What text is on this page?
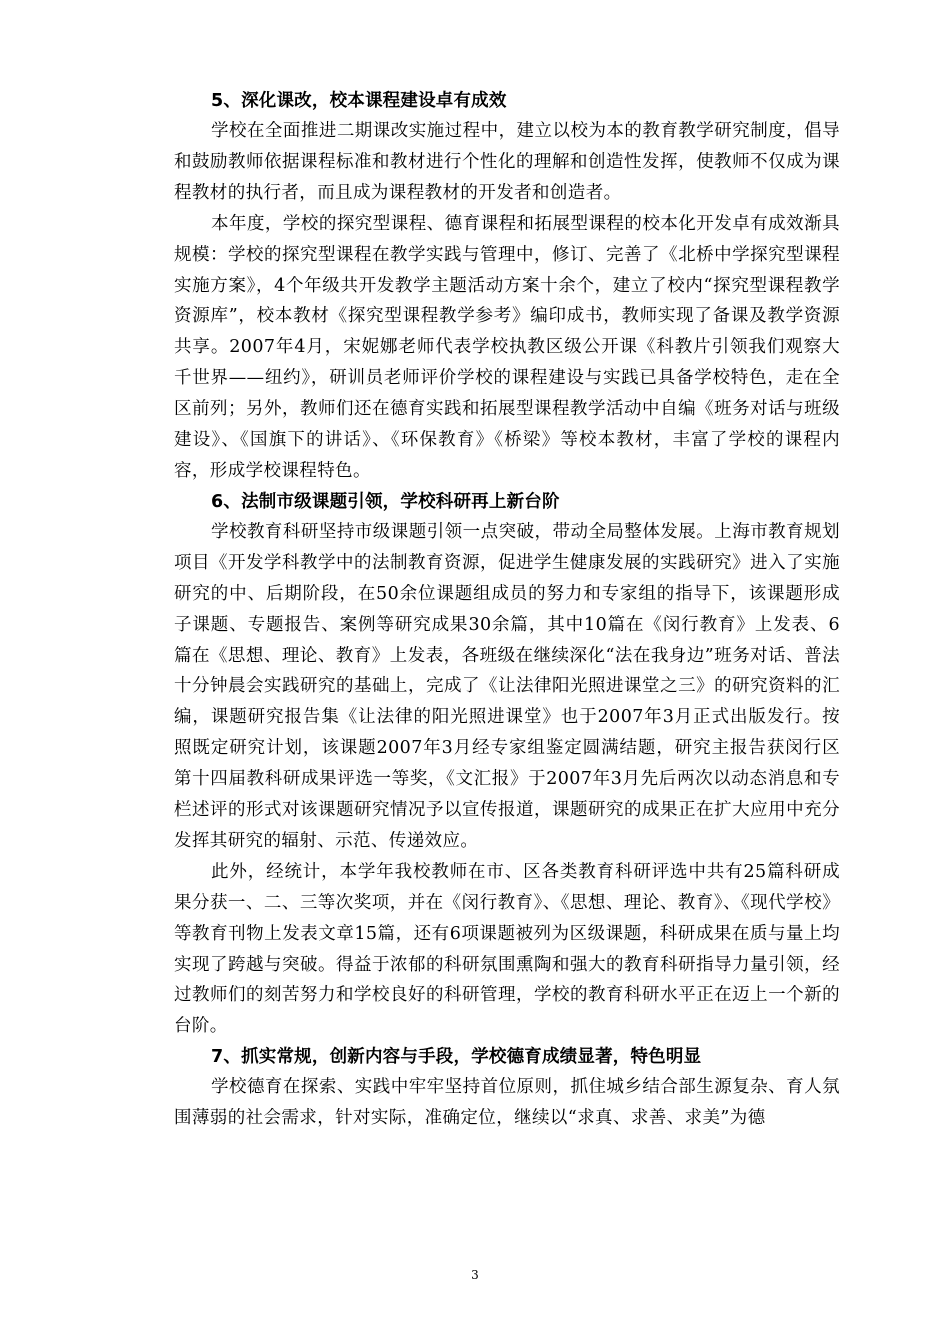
5、深化课改，校本课程建设卓有成效

学校在全面推进二期课改实施过程中，建立以校为本的教育教学研究制度，倡导和鼓励教师依据课程标准和教材进行个性化的理解和创造性发挥，使教师不仅成为课程教材的执行者，而且成为课程教材的开发者和创造者。

本年度，学校的探究型课程、德育课程和拓展型课程的校本化开发卓有成效渐具规模：学校的探究型课程在教学实践与管理中，修订、完善了《北桥中学探究型课程实施方案》，4个年级共开发教学主题活动方案十余个，建立了校内“探究型课程教学资源库”，校本教材《探究型课程教学参考》编印成书，教师实现了备课及教学资源共享。2007年4月，宋妮娜老师代表学校执教区级公开课《科教片引领我们观察大千世界——纽约》，研训员老师评价学校的课程建设与实践已具备学校特色，走在全区前列；另外，教师们还在德育实践和拓展型课程教学活动中自编《班务对话与班级建设》、《国旗下的讲话》、《环保教育》《桥梁》等校本教材，丰富了学校的课程内容，形成学校课程特色。

6、法制市级课题引领，学校科研再上新台阶

学校教育科研坚持市级课题引领一点突破，带动全局整体发展。上海市教育规划项目《开发学科教学中的法制教育资源，促进学生健康发展的实践研究》进入了实施研究的中、后期阶段，在50余位课题组成员的努力和专家组的指导下，该课题形成子课题、专题报告、案例等研究成果30余篇，其中10篇在《闵行教育》上发表、6篇在《思想、理论、教育》上发表，各班级在继续深化“法在我身边”班务对话、普法十分钟晨会实践研究的基础上，完成了《让法律阳光照进课堂之三》的研究资料的汇编，课题研究报告集《让法律的阳光照进课堂》也于2007年3月正式出版发行。按照既定研究计划，该课题2007年3月经专家组鉴定圆满结题，研究主报告获闵行区第十四届教科研成果评选一等奖，《文汇报》于2007年3月先后两次以动态消息和专栏述评的形式对该课题研究情况予以宣传报道，课题研究的成果正在扩大应用中充分发挥其研究的辐射、示范、传递效应。

此外，经统计，本学年我校教师在市、区各类教育科研评选中共有25篇科研成果分获一、二、三等次奖项，并在《闵行教育》、《思想、理论、教育》、《现代学校》等教育刊物上发表文章15篇，还有6项课题被列为区级课题，科研成果在质与量上均实现了跨越与突破。得益于浓郁的科研氛围熏陶和强大的教育科研指导力量引领，经过教师们的刻苦努力和学校良好的科研管理，学校的教育科研水平正在迈上一个新的台阶。

7、抓实常规，创新内容与手段，学校德育成绩显著，特色明显

学校德育在探索、实践中牢牢坚持首位原则，抓住城乡结合部生源复杂、育人氛围薄弱的社会需求，针对实际，准确定位，继续以“求真、求善、求美”为德

3
